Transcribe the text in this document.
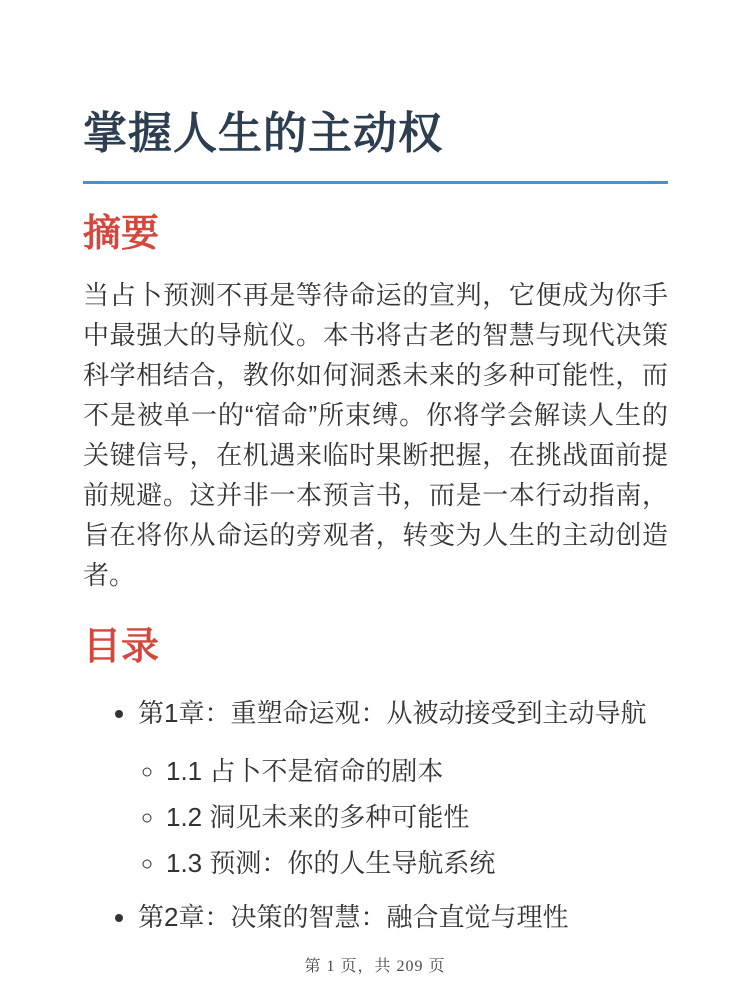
掌握人生的主动权
摘要

当占卜预测不再是等待命运的宣判，它便成为你手中最强大的导航仪。本书将古老的智慧与现代决策科学相结合，教你如何洞悉未来的多种可能性，而不是被单一的“宿命”所束缚。你将学会解读人生的关键信号，在机遇来临时果断把握，在挑战面前提前规避。这并非一本预言书，而是一本行动指南，旨在将你从命运的旁观者，转变为人生的主动创造者。

目录
• 第1章：重塑命运观：从被动接受到主动导航
◦ 1.1 占卜不是宿命的剧本
◦ 1.2 洞见未来的多种可能性
◦ 1.3 预测：你的人生导航系统
• 第2章：决策的智慧：融合直觉与理性
第 1 页，共 209 页
